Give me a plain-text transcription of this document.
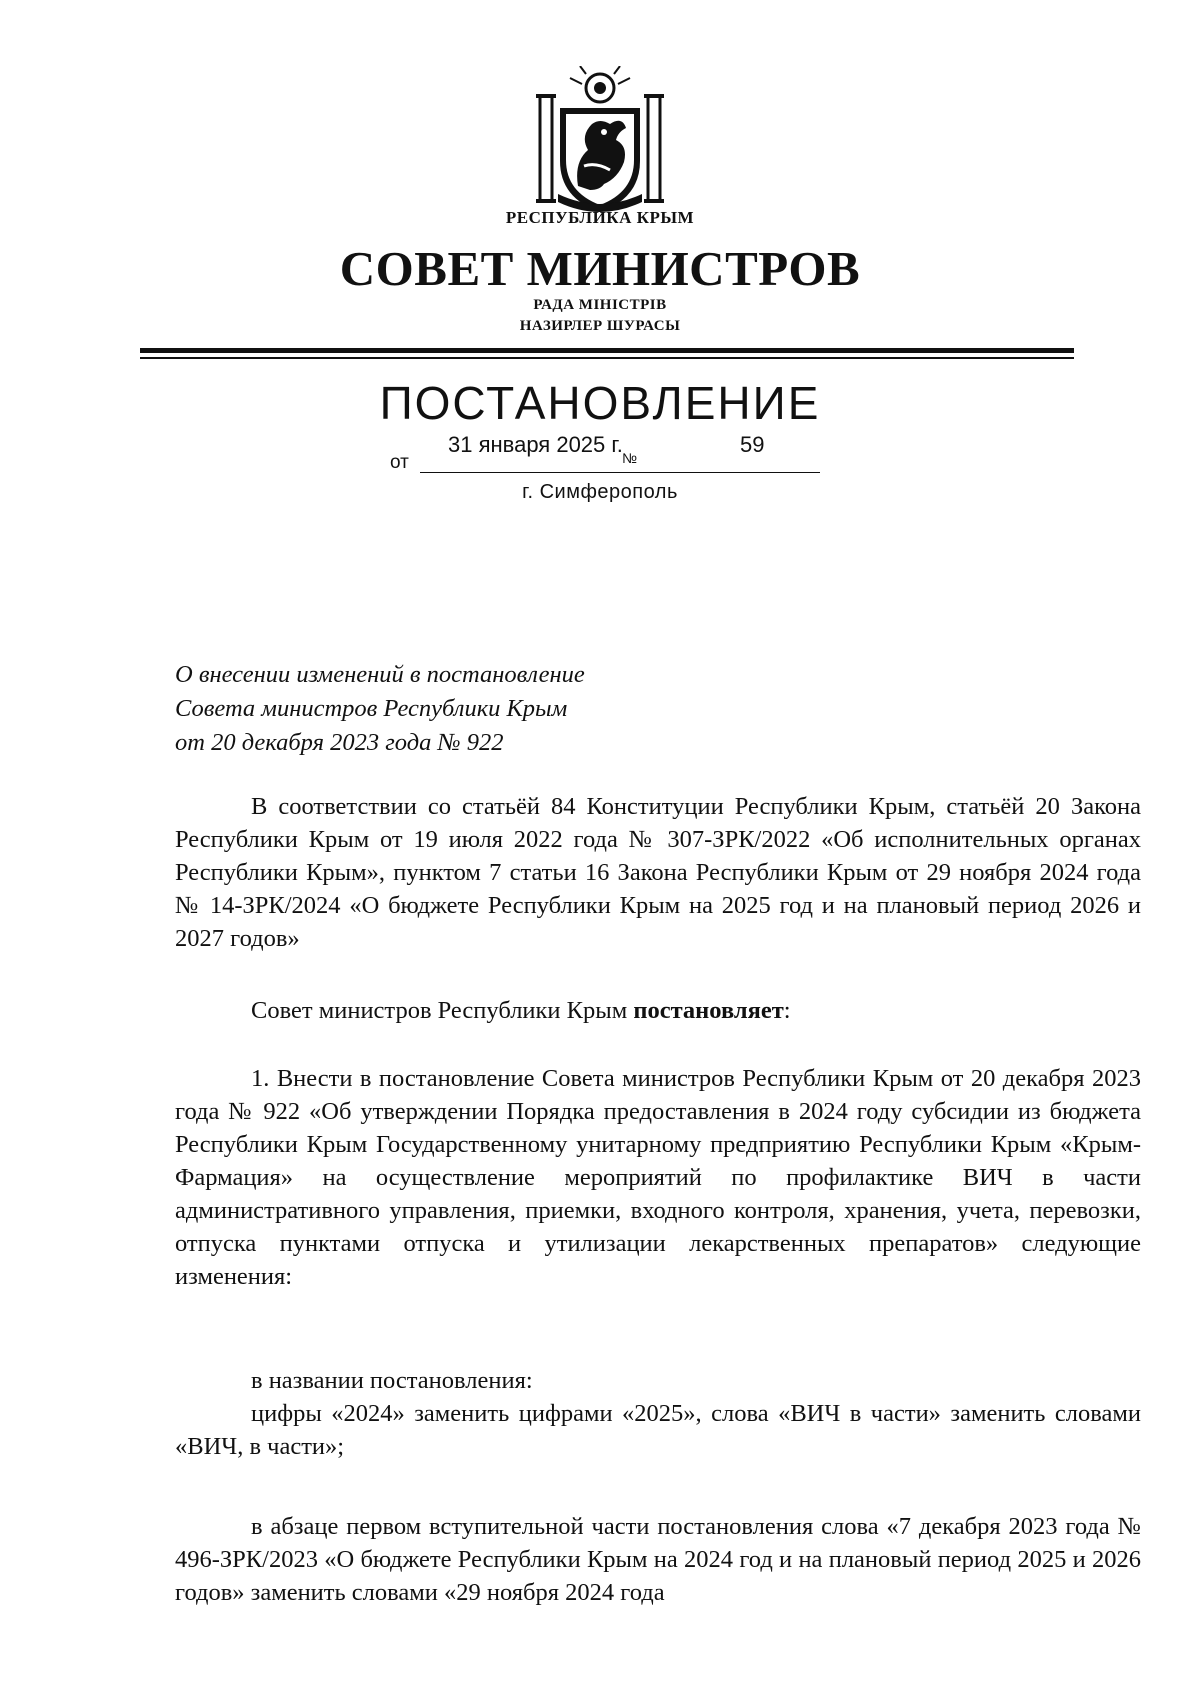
РЕСПУБЛИКА КРЫМ
СОВЕТ МИНИСТРОВ
РАДА МІНІСТРІВ
НАЗИРЛЕР ШУРАСЫ
ПОСТАНОВЛЕНИЕ
от
31 января 2025 г.
№
59
г. Симферополь
О внесении изменений в постановление
Совета министров Республики Крым
от 20 декабря 2023 года № 922

В соответствии со статьёй 84 Конституции Республики Крым, статьёй 20 Закона Республики Крым от 19 июля 2022 года № 307-ЗРК/2022 «Об исполнительных органах Республики Крым», пунктом 7 статьи 16 Закона Республики Крым от 29 ноября 2024 года № 14-ЗРК/2024 «О бюджете Республики Крым на 2025 год и на плановый период 2026 и 2027 годов»

Совет министров Республики Крым постановляет:

1. Внести в постановление Совета министров Республики Крым от 20 декабря 2023 года № 922 «Об утверждении Порядка предоставления в 2024 году субсидии из бюджета Республики Крым Государственному унитарному предприятию Республики Крым «Крым-Фармация» на осуществление мероприятий по профилактике ВИЧ в части административного управления, приемки, входного контроля, хранения, учета, перевозки, отпуска пунктами отпуска и утилизации лекарственных препаратов» следующие изменения:

в названии постановления:

цифры «2024» заменить цифрами «2025», слова «ВИЧ в части» заменить словами «ВИЧ, в части»;

в абзаце первом вступительной части постановления слова «7 декабря 2023 года № 496-ЗРК/2023 «О бюджете Республики Крым на 2024 год и на плановый период 2025 и 2026 годов» заменить словами «29 ноября 2024 года
